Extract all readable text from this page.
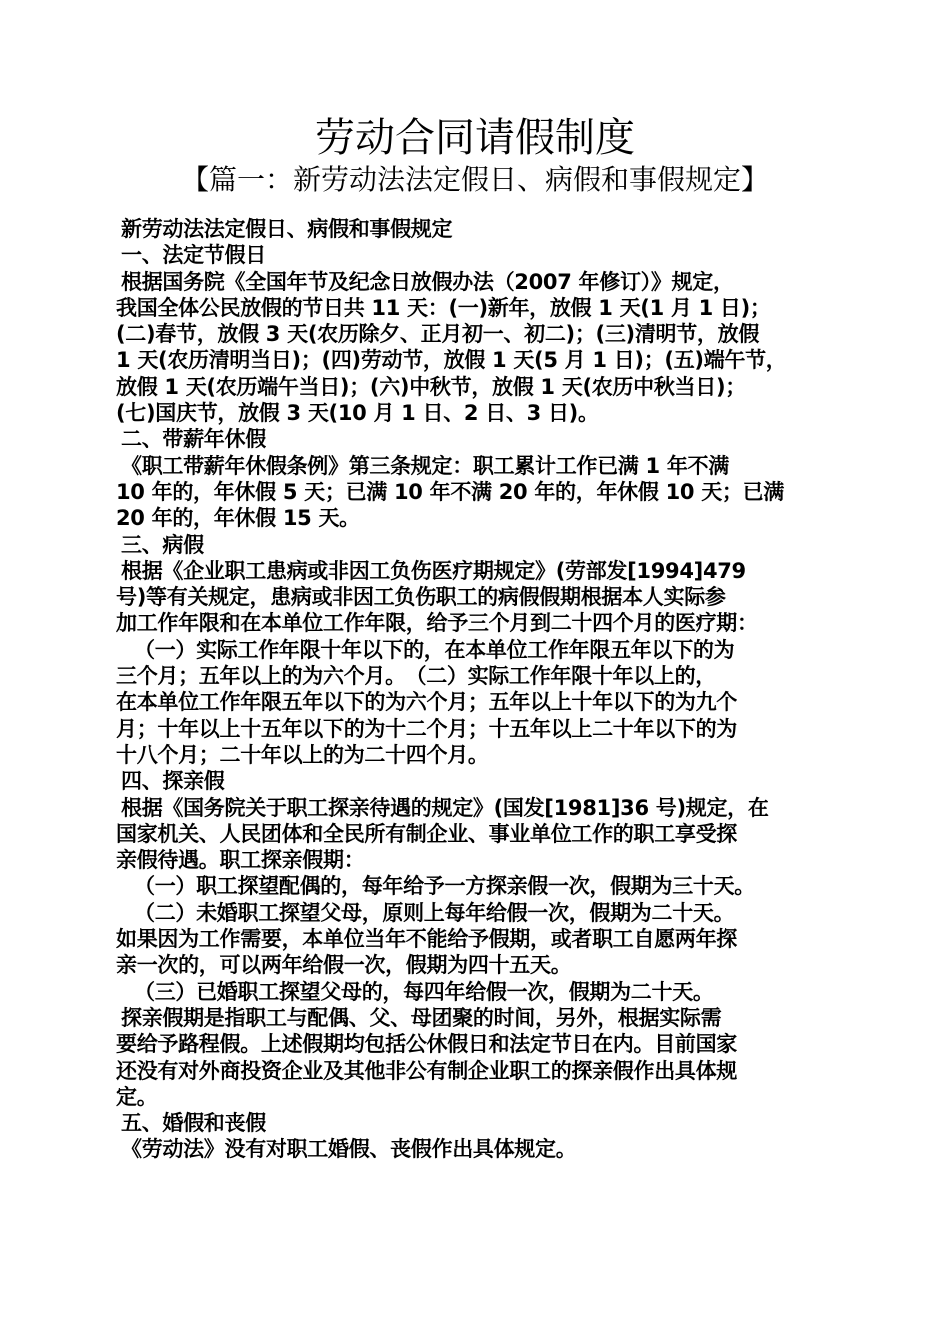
劳动合同请假制度
【篇一：新劳动法法定假日、病假和事假规定】

新劳动法法定假日、病假和事假规定

一、法定节假日

根据国务院《全国年节及纪念日放假办法（2007 年修订）》规定，

我国全体公民放假的节日共 11 天：(一)新年，放假 1 天(1 月 1 日)；

(二)春节，放假 3 天(农历除夕、正月初一、初二)；(三)清明节，放假

1 天(农历清明当日)；(四)劳动节，放假 1 天(5 月 1 日)；(五)端午节，

放假 1 天(农历端午当日)；(六)中秋节，放假 1 天(农历中秋当日)；

(七)国庆节，放假 3 天(10 月 1 日、2 日、3 日)。

二、带薪年休假

《职工带薪年休假条例》第三条规定：职工累计工作已满 1 年不满

10 年的，年休假 5 天；已满 10 年不满 20 年的，年休假 10 天；已满

20 年的，年休假 15 天。

三、病假

根据《企业职工患病或非因工负伤医疗期规定》(劳部发[1994]479

号)等有关规定，患病或非因工负伤职工的病假假期根据本人实际参

加工作年限和在本单位工作年限，给予三个月到二十四个月的医疗期：

（一）实际工作年限十年以下的，在本单位工作年限五年以下的为

三个月；五年以上的为六个月。　（二）实际工作年限十年以上的，

在本单位工作年限五年以下的为六个月；五年以上十年以下的为九个

月；十年以上十五年以下的为十二个月；十五年以上二十年以下的为

十八个月；二十年以上的为二十四个月。

四、探亲假

根据《国务院关于职工探亲待遇的规定》(国发[1981]36 号)规定，在

国家机关、人民团体和全民所有制企业、事业单位工作的职工享受探

亲假待遇。职工探亲假期：

（一）职工探望配偶的，每年给予一方探亲假一次，假期为三十天。

（二）未婚职工探望父母，原则上每年给假一次，假期为二十天。

如果因为工作需要，本单位当年不能给予假期，或者职工自愿两年探

亲一次的，可以两年给假一次，假期为四十五天。

（三）已婚职工探望父母的，每四年给假一次，假期为二十天。

探亲假期是指职工与配偶、父、母团聚的时间，另外，根据实际需

要给予路程假。上述假期均包括公休假日和法定节日在内。目前国家

还没有对外商投资企业及其他非公有制企业职工的探亲假作出具体规

定。

五、婚假和丧假

《劳动法》没有对职工婚假、丧假作出具体规定。
